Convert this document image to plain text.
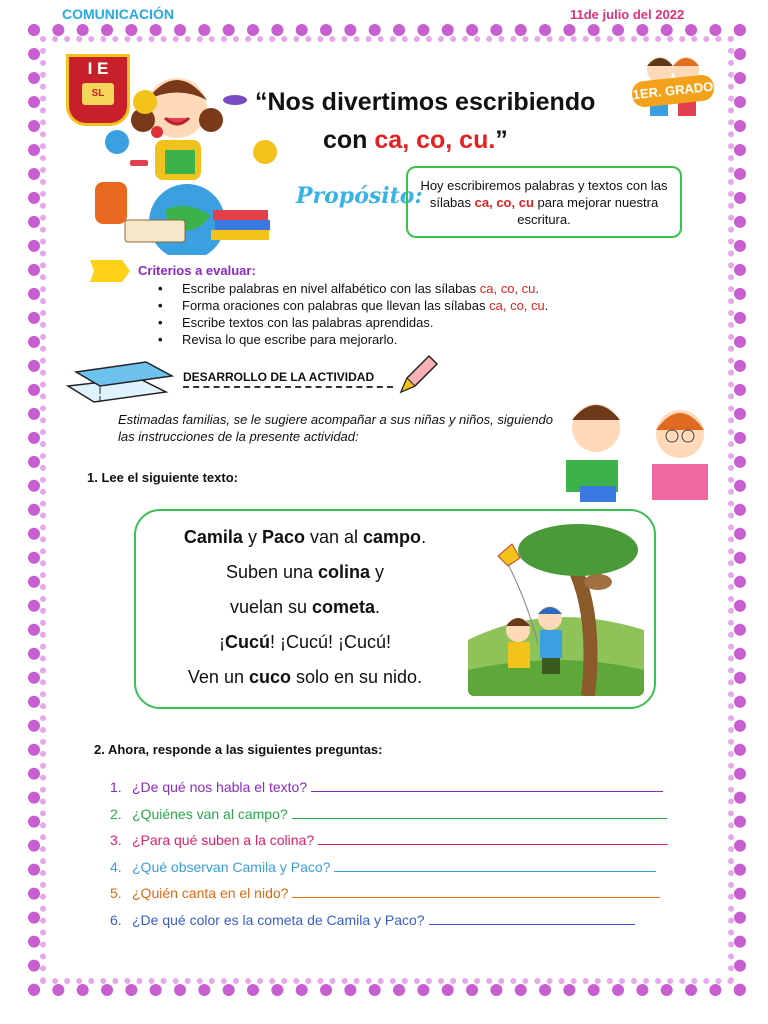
COMUNICACIÓN	11de julio del 2022
I E
SL	“Nos divertimos escribiendo
con ca, co, cu.”
1ER. GRADO
Propósito:
Hoy escribiremos palabras y textos con las sílabas ca, co, cu para mejorar nuestra escritura.
Criterios a evaluar:
• Escribe palabras en nivel alfabético con las sílabas ca, co, cu.
• Forma oraciones con palabras que llevan las sílabas ca, co, cu.
• Escribe textos con las palabras aprendidas.
• Revisa lo que escribe para mejorarlo.
DESARROLLO DE LA ACTIVIDAD
Estimadas familias, se le sugiere acompañar a sus niñas y niños, siguiendo las instrucciones de la presente actividad:
1. Lee el siguiente texto:

Camila y Paco van al campo.

Suben una colina y

vuelan su cometa.

¡Cucú! ¡Cucú! ¡Cucú!

Ven un cuco solo en su nido.

2. Ahora, responde a las siguientes preguntas:
1. ¿De qué nos habla el texto?
2. ¿Quiénes van al campo?
3. ¿Para qué suben a la colina?
4. ¿Qué observan Camila y Paco?
5. ¿Quién canta en el nido?
6. ¿De qué color es la cometa de Camila y Paco?
